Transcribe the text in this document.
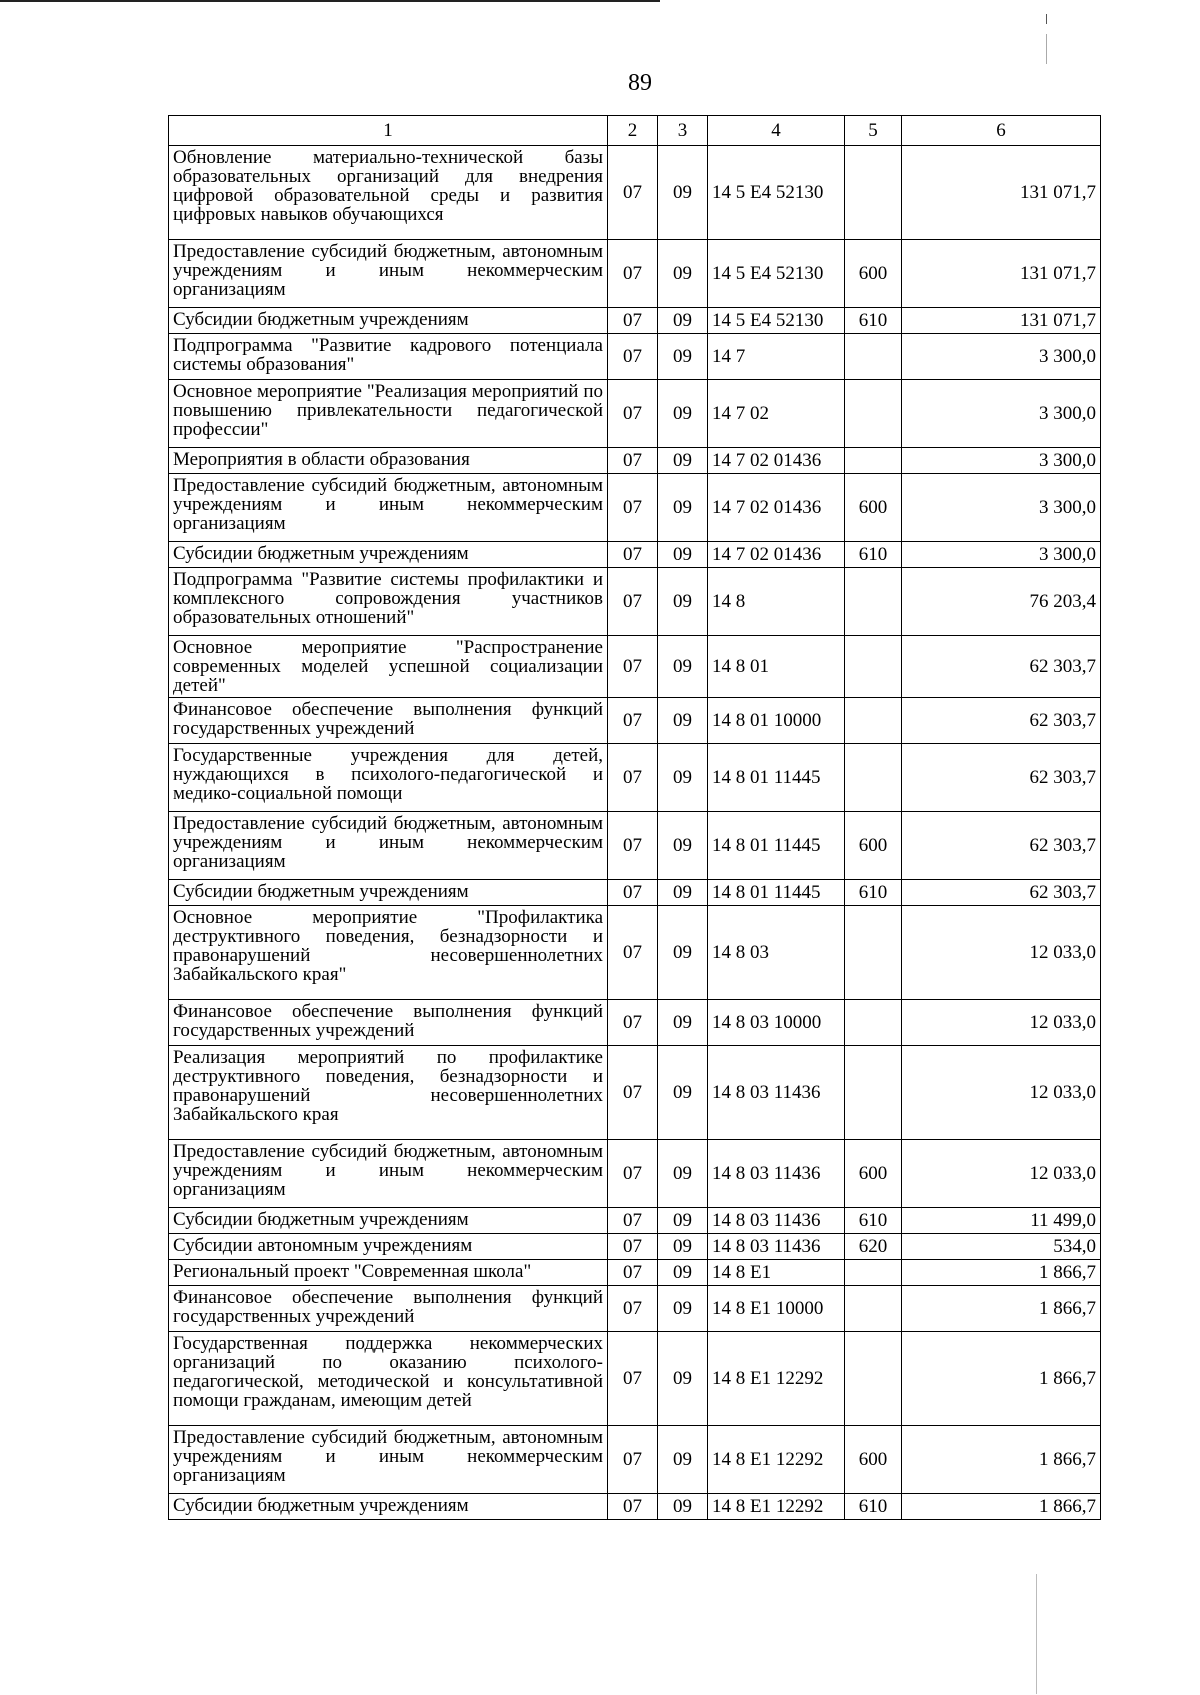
89
1	2	3	4	5	6
Обновление материально-технической базы образовательных организаций для внедрения цифровой образовательной среды и развития цифровых навыков обучающихся	07	09	14 5 E4 52130		131 071,7
Предоставление субсидий бюджетным, автономным учреждениям и иным некоммерческим организациям	07	09	14 5 E4 52130	600	131 071,7
Субсидии бюджетным учреждениям	07	09	14 5 E4 52130	610	131 071,7
Подпрограмма "Развитие кадрового потенциала системы образования"	07	09	14 7		3 300,0
Основное мероприятие "Реализация мероприятий по повышению привлекательности педагогической профессии"	07	09	14 7 02		3 300,0
Мероприятия в области образования	07	09	14 7 02 01436		3 300,0
Предоставление субсидий бюджетным, автономным учреждениям и иным некоммерческим организациям	07	09	14 7 02 01436	600	3 300,0
Субсидии бюджетным учреждениям	07	09	14 7 02 01436	610	3 300,0
Подпрограмма "Развитие системы профилактики и комплексного сопровождения участников образовательных отношений"	07	09	14 8		76 203,4
Основное мероприятие "Распространение современных моделей успешной социализации детей"	07	09	14 8 01		62 303,7
Финансовое обеспечение выполнения функций государственных учреждений	07	09	14 8 01 10000		62 303,7
Государственные учреждения для детей, нуждающихся в психолого-педагогической и медико-социальной помощи	07	09	14 8 01 11445		62 303,7
Предоставление субсидий бюджетным, автономным учреждениям и иным некоммерческим организациям	07	09	14 8 01 11445	600	62 303,7
Субсидии бюджетным учреждениям	07	09	14 8 01 11445	610	62 303,7
Основное мероприятие "Профилактика деструктивного поведения, безнадзорности и правонарушений несовершеннолетних Забайкальского края"	07	09	14 8 03		12 033,0
Финансовое обеспечение выполнения функций государственных учреждений	07	09	14 8 03 10000		12 033,0
Реализация мероприятий по профилактике деструктивного поведения, безнадзорности и правонарушений несовершеннолетних Забайкальского края	07	09	14 8 03 11436		12 033,0
Предоставление субсидий бюджетным, автономным учреждениям и иным некоммерческим организациям	07	09	14 8 03 11436	600	12 033,0
Субсидии бюджетным учреждениям	07	09	14 8 03 11436	610	11 499,0
Субсидии автономным учреждениям	07	09	14 8 03 11436	620	534,0
Региональный проект "Современная школа"	07	09	14 8 E1		1 866,7
Финансовое обеспечение выполнения функций государственных учреждений	07	09	14 8 E1 10000		1 866,7
Государственная поддержка некоммерческих организаций по оказанию психолого-педагогической, методической и консультативной помощи гражданам, имеющим детей	07	09	14 8 E1 12292		1 866,7
Предоставление субсидий бюджетным, автономным учреждениям и иным некоммерческим организациям	07	09	14 8 E1 12292	600	1 866,7
Субсидии бюджетным учреждениям	07	09	14 8 E1 12292	610	1 866,7
